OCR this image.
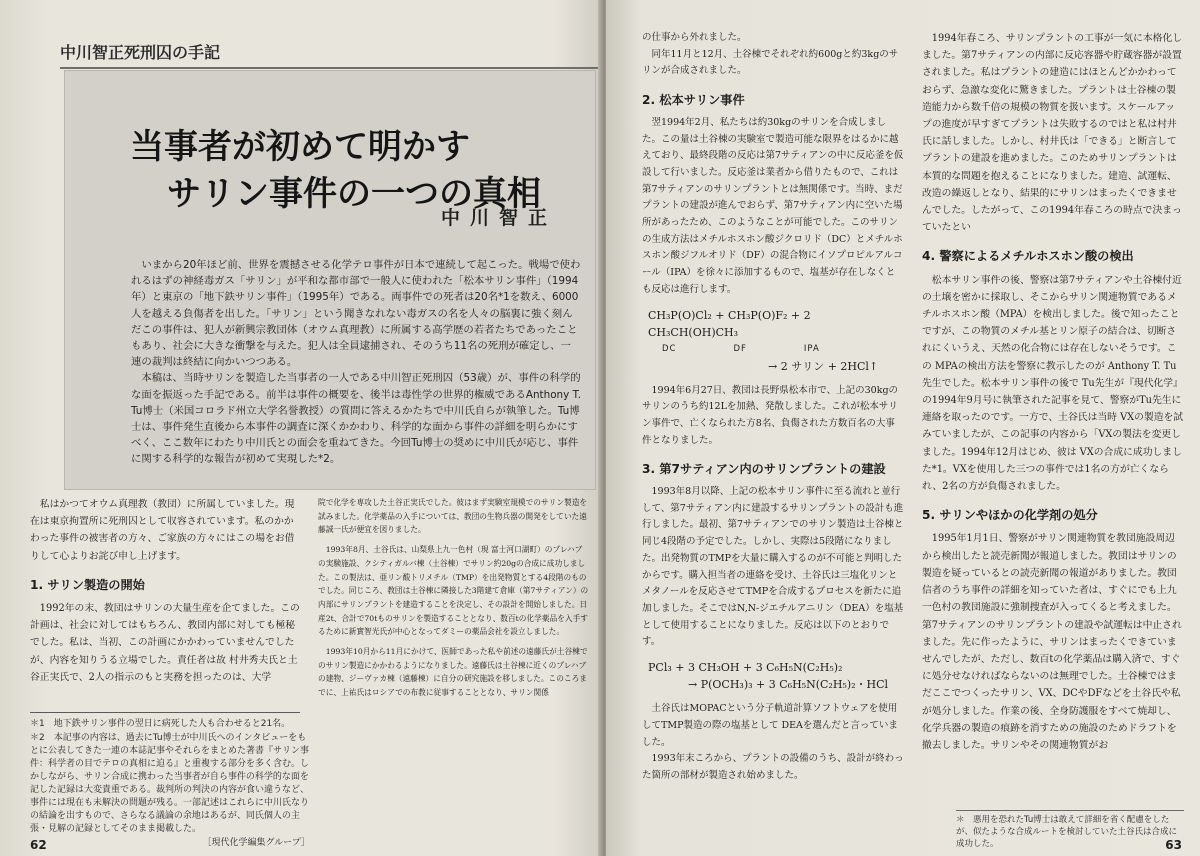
中川智正死刑囚の手記
当事者が初めて明かす
サリン事件の一つの真相
中川智正

いまから20年ほど前、世界を震撼させる化学テロ事件が日本で連続して起こった。戦場で使われるはずの神経毒ガス「サリン」が平和な都市部で一般人に使われた「松本サリン事件」（1994年）と東京の「地下鉄サリン事件」（1995年）である。両事件での死者は20名*1を数え、6000人を越える負傷者を出した。「サリン」という聞きなれない毒ガスの名を人々の脳裏に強く刻んだこの事件は、犯人が新興宗教団体（オウム真理教）に所属する高学歴の若者たちであったこともあり、社会に大きな衝撃を与えた。犯人は全員逮捕され、そのうち11名の死刑が確定し、一連の裁判は終結に向かいつつある。

本稿は、当時サリンを製造した当事者の一人である中川智正死刑囚（53歳）が、事件の科学的な面を振返った手記である。前半は事件の概要を、後半は毒性学の世界的権威であるAnthony T. Tu博士（米国コロラド州立大学名誉教授）の質問に答えるかたちで中川氏自らが執筆した。Tu博士は、事件発生直後から本事件の調査に深くかかわり、科学的な面から事件の詳細を明らかにすべく、ここ数年にわたり中川氏との面会を重ねてきた。今回Tu博士の奨めに中川氏が応じ、事件に関する科学的な報告が初めて実現した*2。

私はかつてオウム真理教（教団）に所属していました。現在は東京拘置所に死刑囚として収容されています。私のかかわった事件の被害者の方々、ご家族の方々にはこの場をお借りして心よりお詫び申し上げます。

1. サリン製造の開始

1992年の末、教団はサリンの大量生産を企てました。この計画は、社会に対してはもちろん、教団内部に対しても極秘でした。私は、当初、この計画にかかわっていませんでしたが、内容を知りうる立場でした。責任者は故 村井秀夫氏と土谷正実氏で、2人の指示のもと実務を担ったのは、大学

院で化学を専攻した土谷正実氏でした。彼はまず実験室規模でのサリン製造を試みました。化学薬品の入手については、教団の生物兵器の開発をしていた遠藤誠一氏が便宜を図りました。

1993年8月、土谷氏は、山梨県上九一色村（現 富士河口湖町）のプレハブの実験施設、クシティガルバ棟（土谷棟）でサリン約20gの合成に成功しました。この製法は、亜リン酸トリメチル（TMP）を出発物質とする4段階のものでした。同じころ、教団は土谷棟に隣接した3階建て倉庫（第7サティアン）の内部にサリンプラントを建造することを決定し、その設計を開始しました。日産2t、合計で70tものサリンを製造することとなり、数百tの化学薬品を入手するために新實智光氏が中心となってダミーの薬品会社を設立しました。

1993年10月から11月にかけて、医師であった私や前述の遠藤氏が土谷棟でのサリン製造にかかわるようになりました。遠藤氏は土谷棟に近くのプレハブの建物、ジーヴァカ棟（遠藤棟）に自分の研究施設を移しました。このころまでに、上祐氏はロシアでの布教に従事することとなり、サリン関係

＊1　地下鉄サリン事件の翌日に病死した人も合わせると21名。
＊2　本記事の内容は、過去にTu博士が中川氏へのインタビューをもとに公表してきた一連の本誌記事やそれらをまとめた著書『サリン事件：科学者の目でテロの真相に迫る』と重複する部分を多く含む。しかしながら、サリン合成に携わった当事者が自ら事件の科学的な面を記した記録は大変貴重である。裁判所の判決の内容が食い違うなど、事件には現在も未解決の問題が残る。一部記述はこれらに中川氏なりの結論を出すもので、さらなる議論の余地はあるが、同氏個人の主張・見解の記録としてそのまま掲載した。
［現代化学編集グループ］
62

の仕事から外れました。

同年11月と12月、土谷棟でそれぞれ約600gと約3kgのサリンが合成されました。

2. 松本サリン事件

翌1994年2月、私たちは約30kgのサリンを合成しました。この量は土谷棟の実験室で製造可能な限界をはるかに越えており、最終段階の反応は第7サティアンの中に反応釜を仮設して行いました。反応釜は業者から借りたもので、これは第7サティアンのサリンプラントとは無関係です。当時、まだプラントの建設が進んでおらず、第7サティアン内に空いた場所があったため、このようなことが可能でした。このサリンの生成方法はメチルホスホン酸ジクロリド（DC）とメチルホスホン酸ジフルオリド（DF）の混合物にイソプロピルアルコール（IPA）を徐々に添加するもので、塩基が存在しなくとも反応は進行します。

CH₃P(O)Cl₂ + CH₃P(O)F₂ + 2 CH₃CH(OH)CH₃
DC　　　　　　DF　　　　　　IPA
→ 2 サリン + 2HCl↑

1994年6月27日、教団は長野県松本市で、上記の30kgのサリンのうち約12Lを加熱、発散しました。これが松本サリン事件で、亡くなられた方8名、負傷された方数百名の大事件となりました。

3. 第7サティアン内のサリンプラントの建設

1993年8月以降、上記の松本サリン事件に至る流れと並行して、第7サティアン内に建設するサリンプラントの設計も進行しました。最初、第7サティアンでのサリン製造は土谷棟と同じ4段階の予定でした。しかし、実際は5段階になりました。出発物質のTMPを大量に購入するのが不可能と判明したからです。購入担当者の連絡を受け、土谷氏は三塩化リンとメタノールを反応させてTMPを合成するプロセスを新たに追加しました。そこではN,N-ジエチルアニリン（DEA）を塩基として使用することになりました。反応は以下のとおりです。

PCl₃ + 3 CH₃OH + 3 C₆H₅N(C₂H₅)₂
→ P(OCH₃)₃ + 3 C₆H₅N(C₂H₅)₂・HCl

土谷氏はMOPACという分子軌道計算ソフトウェアを使用してTMP製造の際の塩基として DEAを選んだと言っていました。

1993年末ころから、プラントの設備のうち、設計が終わった箇所の部材が製造され始めました。

1994年春ころ、サリンプラントの工事が一気に本格化しました。第7サティアンの内部に反応容器や貯蔵容器が設置されました。私はプラントの建造にはほとんどかかわっておらず、急激な変化に驚きました。プラントは土谷棟の製造能力から数千倍の規模の物質を扱います。スケールアップの進度が早すぎてプラントは失敗するのではと私は村井氏に話しました。しかし、村井氏は「できる」と断言してプラントの建設を進めました。このためサリンプラントは本質的な問題を抱えることになりました。建造、試運転、改造の繰返しとなり、結果的にサリンはまったくできませんでした。したがって、この1994年春ころの時点で決まっていたとい

4. 警察によるメチルホスホン酸の検出

松本サリン事件の後、警察は第7サティアンや土谷棟付近の土壌を密かに採取し、そこからサリン関連物質であるメチルホスホン酸（MPA）を検出しました。後で知ったことですが、この物質のメチル基とリン原子の結合は、切断されにくいうえ、天然の化合物には存在しないそうです。この MPAの検出方法を警察に教示したのが Anthony T. Tu先生でした。松本サリン事件の後で Tu先生が『現代化学』の1994年9月号に執筆された記事を見て、警察がTu先生に連絡を取ったのです。一方で、土谷氏は当時 VXの製造を試みていましたが、この記事の内容から「VXの製法を変更しました。1994年12月はじめ、彼は VXの合成に成功しました*1。VXを使用した三つの事件では1名の方が亡くなられ、2名の方が負傷されました。

5. サリンやほかの化学剤の処分

1995年1月1日、警察がサリン関連物質を教団施設周辺から検出したと読売新聞が報道しました。教団はサリンの製造を疑っているとの読売新聞の報道がありました。教団信者のうち事件の詳細を知っていた者は、すぐにでも上九一色村の教団施設に強制捜査が入ってくると考えました。第7サティアンのサリンプラントの建設や試運転は中止されました。先に作ったように、サリンはまったくできていませんでしたが、ただし、数百tの化学薬品は購入済で、すぐに処分せなければならないのは無理でした。土谷棟ではまだここでつくったサリン、VX、DCやDFなどを土谷氏や私が処分しました。作業の後、全身防護服をすべて焼却し、化学兵器の製造の痕跡を消すための施設のためドラフトを撤去しました。サリンやその関連物質がお

＊　悪用を恐れたTu博士は敢えて詳細を省く配慮をしたが、似たような合成ルートを検討していた土谷氏は合成に成功した。	63
